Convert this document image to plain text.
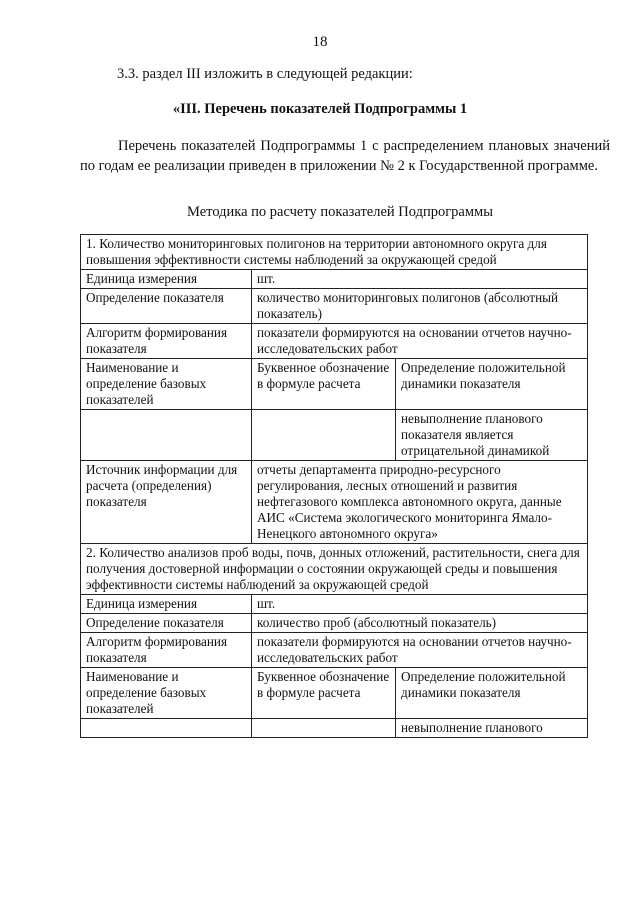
18
3.3. раздел III изложить в следующей редакции:
«III. Перечень показателей Подпрограммы 1
Перечень показателей Подпрограммы 1 с распределением плановых значений по годам ее реализации приведен в приложении № 2 к Государственной программе.
Методика по расчету показателей Подпрограммы
1. Количество мониторинговых полигонов на территории автономного округа для повышения эффективности системы наблюдений за окружающей средой		
Единица измерения	шт.	
Определение показателя	количество мониторинговых полигонов (абсолютный показатель)	
Алгоритм формирования показателя	показатели формируются на основании отчетов научно-исследовательских работ	
Наименование и определение базовых показателей	Буквенное обозначение в формуле расчета	Определение положительной динамики показателя
		невыполнение планового показателя является отрицательной динамикой
Источник информации для расчета (определения) показателя	отчеты департамента природно-ресурсного регулирования, лесных отношений и развития нефтегазового комплекса автономного округа, данные АИС «Система экологического мониторинга Ямало-Ненецкого автономного округа»	
2. Количество анализов проб воды, почв, донных отложений, растительности, снега для получения достоверной информации о состоянии окружающей среды и повышения эффективности системы наблюдений за окружающей средой		
Единица измерения	шт.	
Определение показателя	количество проб (абсолютный показатель)	
Алгоритм формирования показателя	показатели формируются на основании отчетов научно-исследовательских работ	
Наименование и определение базовых показателей	Буквенное обозначение в формуле расчета	Определение положительной динамики показателя
		невыполнение планового
